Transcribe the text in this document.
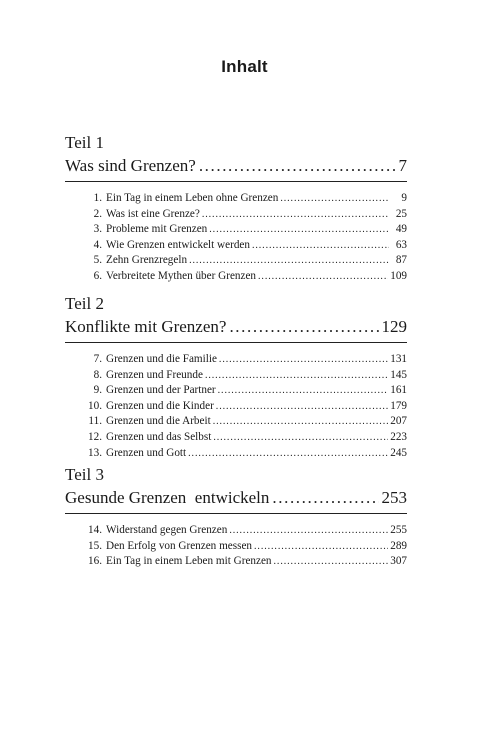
Inhalt
Teil 1
Was sind Grenzen? .....	7
1. Ein Tag in einem Leben ohne Grenzen .....	9
2. Was ist eine Grenze? .....	25
3. Probleme mit Grenzen .....	49
4. Wie Grenzen entwickelt werden .....	63
5. Zehn Grenzregeln .....	87
6. Verbreitete Mythen über Grenzen .....	109
Teil 2
Konflikte mit Grenzen? .....	129
7. Grenzen und die Familie .....	131
8. Grenzen und Freunde .....	145
9. Grenzen und der Partner .....	161
10. Grenzen und die Kinder .....	179
11. Grenzen und die Arbeit .....	207
12. Grenzen und das Selbst .....	223
13. Grenzen und Gott .....	245
Teil 3
Gesunde Grenzen  entwickeln .....	253
14. Widerstand gegen Grenzen .....	255
15. Den Erfolg von Grenzen messen .....	289
16. Ein Tag in einem Leben mit Grenzen .....	307
